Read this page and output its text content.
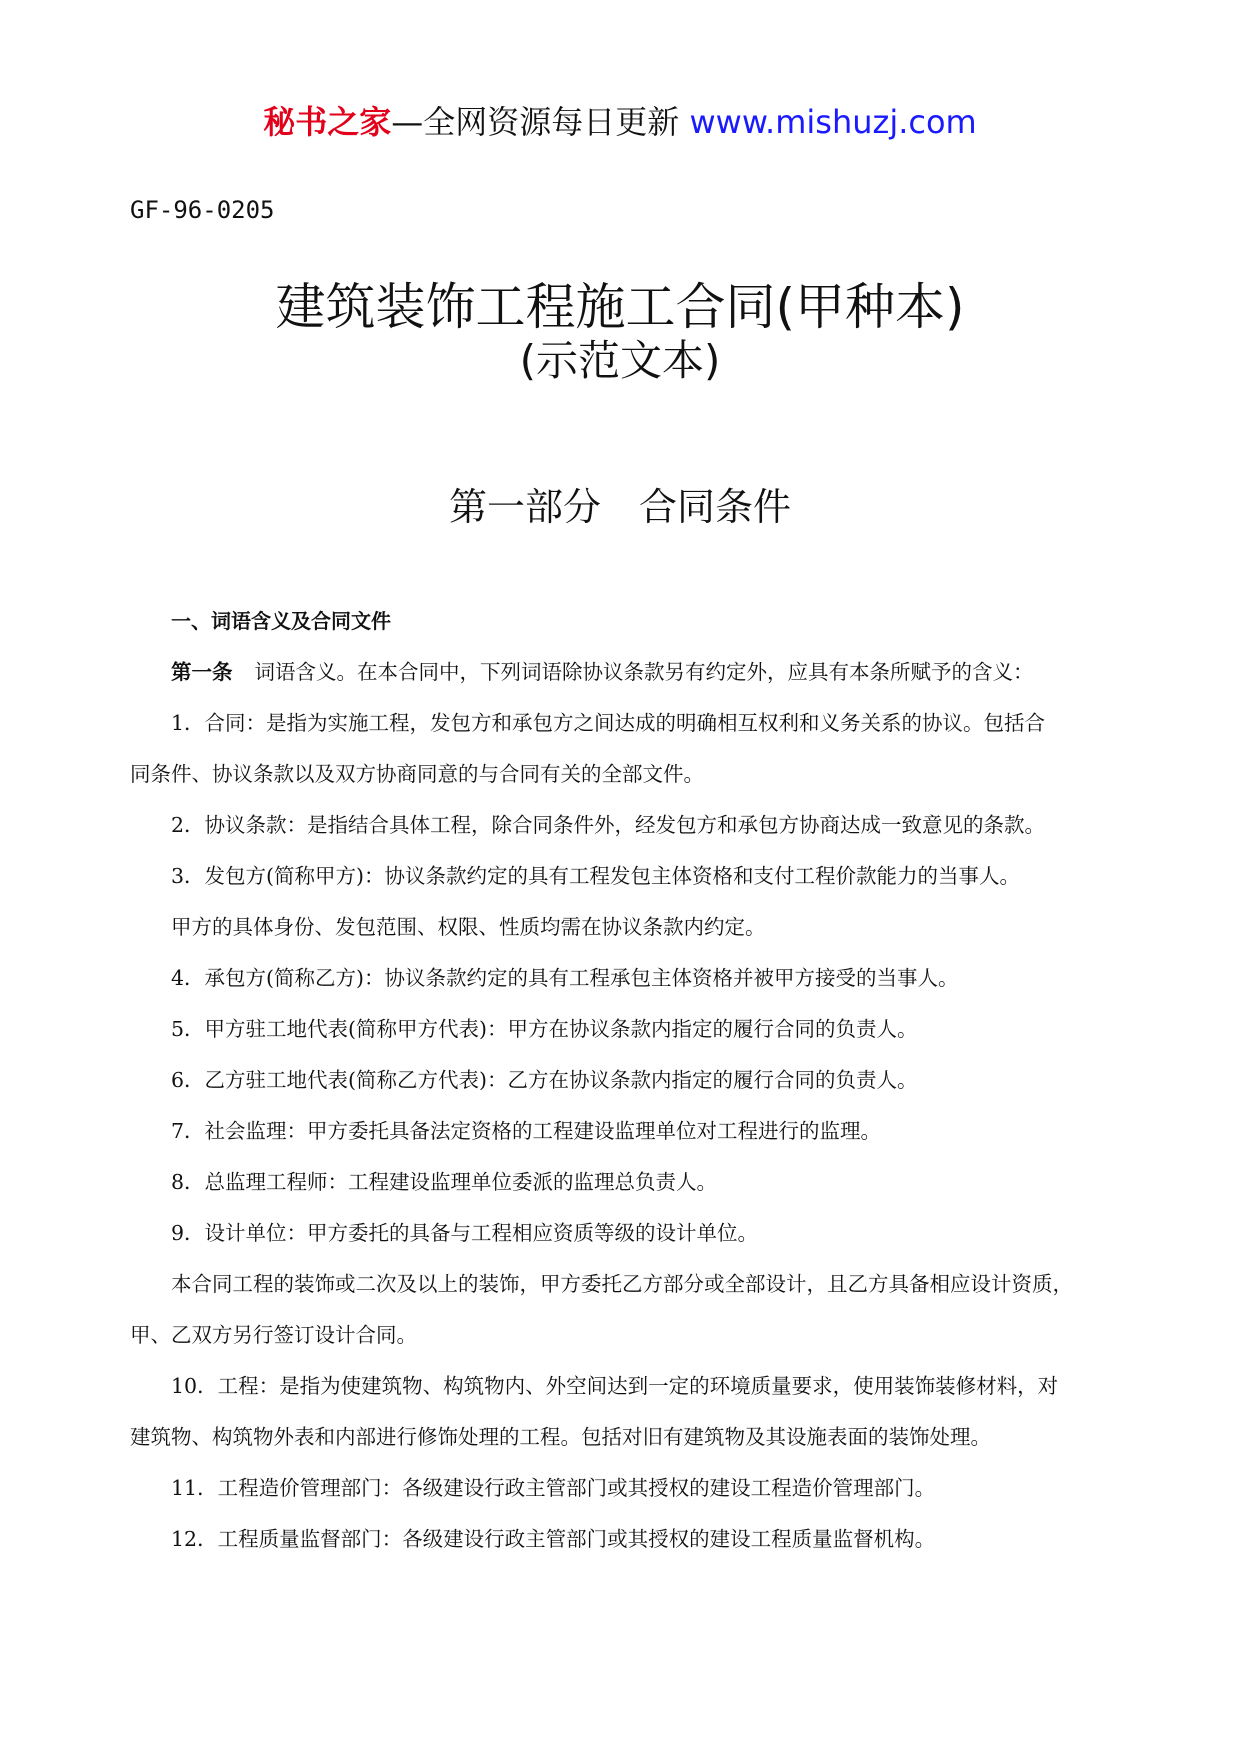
秘书之家—全网资源每日更新 www.mishuzj.com
GF-96-0205
建筑装饰工程施工合同(甲种本)
(示范文本)
第一部分　合同条件
一、词语含义及合同文件
第一条 词语含义。在本合同中，下列词语除协议条款另有约定外，应具有本条所赋予的含义：
1．合同：是指为实施工程，发包方和承包方之间达成的明确相互权利和义务关系的协议。包括合
同条件、协议条款以及双方协商同意的与合同有关的全部文件。
2．协议条款：是指结合具体工程，除合同条件外，经发包方和承包方协商达成一致意见的条款。
3．发包方(简称甲方)：协议条款约定的具有工程发包主体资格和支付工程价款能力的当事人。
甲方的具体身份、发包范围、权限、性质均需在协议条款内约定。
4．承包方(简称乙方)：协议条款约定的具有工程承包主体资格并被甲方接受的当事人。
5．甲方驻工地代表(简称甲方代表)：甲方在协议条款内指定的履行合同的负责人。
6．乙方驻工地代表(简称乙方代表)：乙方在协议条款内指定的履行合同的负责人。
7．社会监理：甲方委托具备法定资格的工程建设监理单位对工程进行的监理。
8．总监理工程师：工程建设监理单位委派的监理总负责人。
9．设计单位：甲方委托的具备与工程相应资质等级的设计单位。
本合同工程的装饰或二次及以上的装饰，甲方委托乙方部分或全部设计，且乙方具备相应设计资质，
甲、乙双方另行签订设计合同。
10．工程：是指为使建筑物、构筑物内、外空间达到一定的环境质量要求，使用装饰装修材料，对
建筑物、构筑物外表和内部进行修饰处理的工程。包括对旧有建筑物及其设施表面的装饰处理。
11．工程造价管理部门：各级建设行政主管部门或其授权的建设工程造价管理部门。
12．工程质量监督部门：各级建设行政主管部门或其授权的建设工程质量监督机构。
